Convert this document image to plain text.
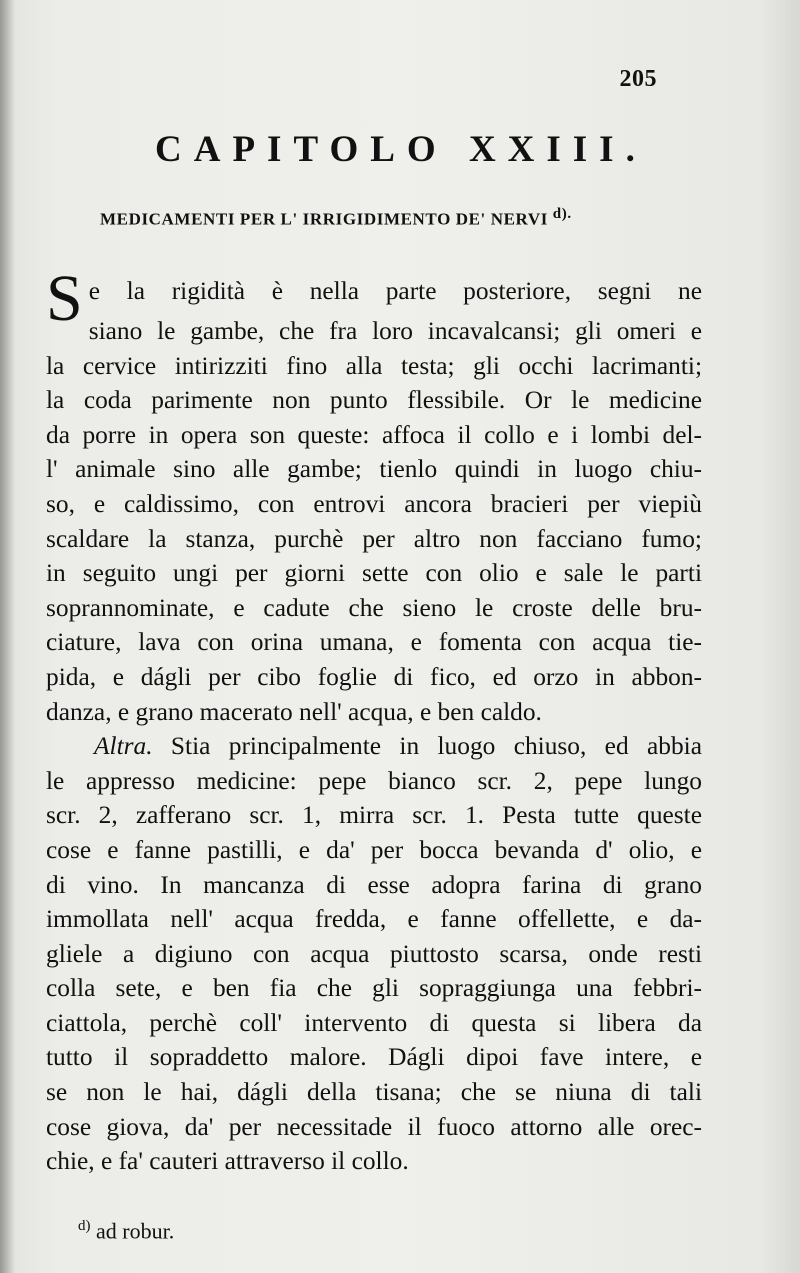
205
CAPITOLO XXIII.
MEDICAMENTI PER L' IRRIGIDIMENTO DE' NERVI d).
S e la rigidità è nella parte posteriore, segni ne
siano le gambe, che fra loro incavalcansi; gli omeri e
la cervice intirizziti fino alla testa; gli occhi lacrimanti;
la coda parimente non punto flessibile. Or le medicine
da porre in opera son queste: affoca il collo e i lombi del-
l' animale sino alle gambe; tienlo quindi in luogo chiu-
so, e caldissimo, con entrovi ancora bracieri per viepiù
scaldare la stanza, purchè per altro non facciano fumo;
in seguito ungi per giorni sette con olio e sale le parti
soprannominate, e cadute che sieno le croste delle bru-
ciature, lava con orina umana, e fomenta con acqua tie-
pida, e dágli per cibo foglie di fico, ed orzo in abbon-
danza, e grano macerato nell' acqua, e ben caldo.
Altra. Stia principalmente in luogo chiuso, ed abbia
le appresso medicine: pepe bianco scr. 2, pepe lungo
scr. 2, zafferano scr. 1, mirra scr. 1. Pesta tutte queste
cose e fanne pastilli, e da' per bocca bevanda d' olio, e
di vino. In mancanza di esse adopra farina di grano
immollata nell' acqua fredda, e fanne offellette, e da-
gliele a digiuno con acqua piuttosto scarsa, onde resti
colla sete, e ben fia che gli sopraggiunga una febbri-
ciattola, perchè coll' intervento di questa si libera da
tutto il sopraddetto malore. Dágli dipoi fave intere, e
se non le hai, dágli della tisana; che se niuna di tali
cose giova, da' per necessitade il fuoco attorno alle orec-
chie, e fa' cauteri attraverso il collo.
$^{d)}$ ad robur.
